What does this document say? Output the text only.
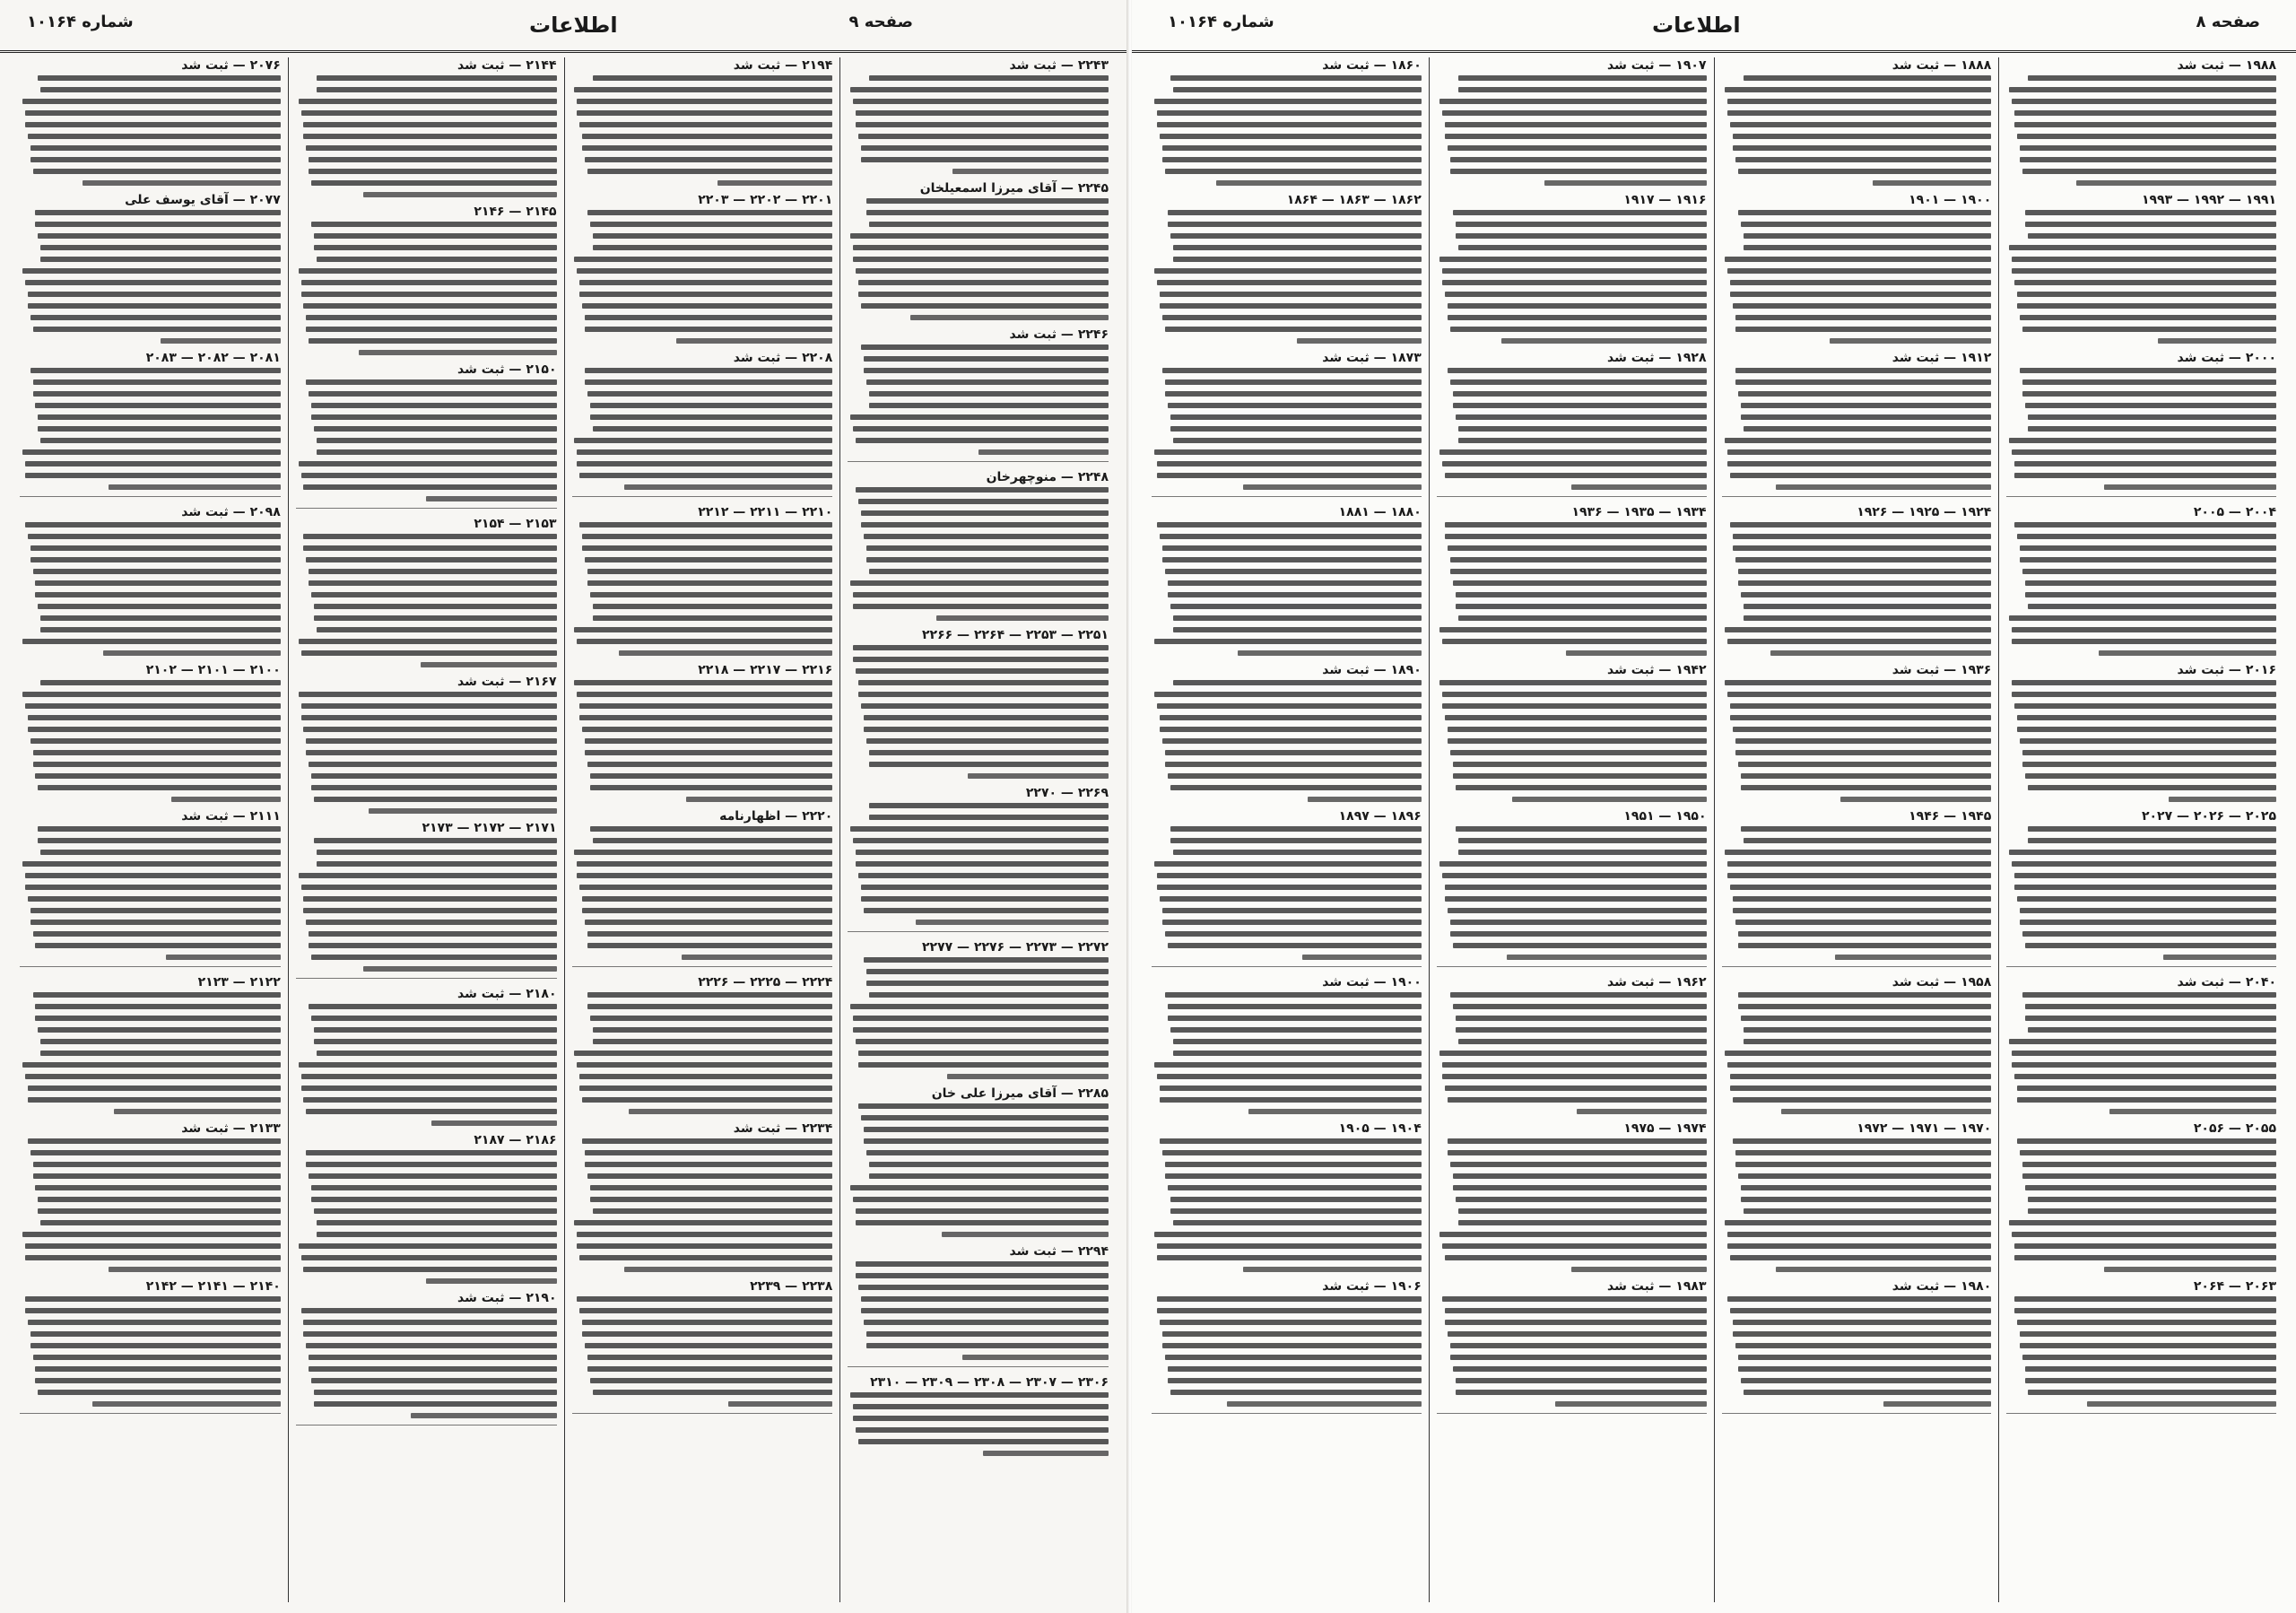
شماره ۱۰۱۶۴	اطلاعات	صفحه ۹
۲۲۴۳ — ثبت شد
۲۲۴۵ — آقای میرزا اسمعیلخان
۲۲۴۶ — ثبت شد
۲۲۴۸ — منوچهرخان
۲۲۵۱ — ۲۲۵۳ — ۲۲۶۴ — ۲۲۶۶
۲۲۶۹ — ۲۲۷۰
۲۲۷۲ — ۲۲۷۳ — ۲۲۷۶ — ۲۲۷۷
۲۲۸۵ — آقای میرزا علی خان
۲۲۹۴ — ثبت شد
۲۳۰۶ — ۲۳۰۷ — ۲۳۰۸ — ۲۳۰۹ — ۲۳۱۰
۲۱۹۴ — ثبت شد
۲۲۰۱ — ۲۲۰۲ — ۲۲۰۳
۲۲۰۸ — ثبت شد
۲۲۱۰ — ۲۲۱۱ — ۲۲۱۲
۲۲۱۶ — ۲۲۱۷ — ۲۲۱۸
۲۲۲۰ — اظهارنامه
۲۲۲۴ — ۲۲۲۵ — ۲۲۲۶
۲۲۳۴ — ثبت شد
۲۲۳۸ — ۲۲۳۹
۲۱۴۴ — ثبت شد
۲۱۴۵ — ۲۱۴۶
۲۱۵۰ — ثبت شد
۲۱۵۳ — ۲۱۵۴
۲۱۶۷ — ثبت شد
۲۱۷۱ — ۲۱۷۲ — ۲۱۷۳
۲۱۸۰ — ثبت شد
۲۱۸۶ — ۲۱۸۷
۲۱۹۰ — ثبت شد
۲۰۷۶ — ثبت شد
۲۰۷۷ — آقای یوسف علی
۲۰۸۱ — ۲۰۸۲ — ۲۰۸۳
۲۰۹۸ — ثبت شد
۲۱۰۰ — ۲۱۰۱ — ۲۱۰۲
۲۱۱۱ — ثبت شد
۲۱۲۲ — ۲۱۲۳
۲۱۳۳ — ثبت شد
۲۱۴۰ — ۲۱۴۱ — ۲۱۴۲
شماره ۱۰۱۶۴	اطلاعات	صفحه ۸
۱۹۸۸ — ثبت شد
۱۹۹۱ — ۱۹۹۲ — ۱۹۹۳
۲۰۰۰ — ثبت شد
۲۰۰۴ — ۲۰۰۵
۲۰۱۶ — ثبت شد
۲۰۲۵ — ۲۰۲۶ — ۲۰۲۷
۲۰۴۰ — ثبت شد
۲۰۵۵ — ۲۰۵۶
۲۰۶۳ — ۲۰۶۴
۱۸۸۸ — ثبت شد
۱۹۰۰ — ۱۹۰۱
۱۹۱۲ — ثبت شد
۱۹۲۴ — ۱۹۲۵ — ۱۹۲۶
۱۹۳۶ — ثبت شد
۱۹۴۵ — ۱۹۴۶
۱۹۵۸ — ثبت شد
۱۹۷۰ — ۱۹۷۱ — ۱۹۷۲
۱۹۸۰ — ثبت شد
۱۹۰۷ — ثبت شد
۱۹۱۶ — ۱۹۱۷
۱۹۲۸ — ثبت شد
۱۹۳۴ — ۱۹۳۵ — ۱۹۳۶
۱۹۴۲ — ثبت شد
۱۹۵۰ — ۱۹۵۱
۱۹۶۲ — ثبت شد
۱۹۷۴ — ۱۹۷۵
۱۹۸۳ — ثبت شد
۱۸۶۰ — ثبت شد
۱۸۶۲ — ۱۸۶۳ — ۱۸۶۴
۱۸۷۳ — ثبت شد
۱۸۸۰ — ۱۸۸۱
۱۸۹۰ — ثبت شد
۱۸۹۶ — ۱۸۹۷
۱۹۰۰ — ثبت شد
۱۹۰۴ — ۱۹۰۵
۱۹۰۶ — ثبت شد
